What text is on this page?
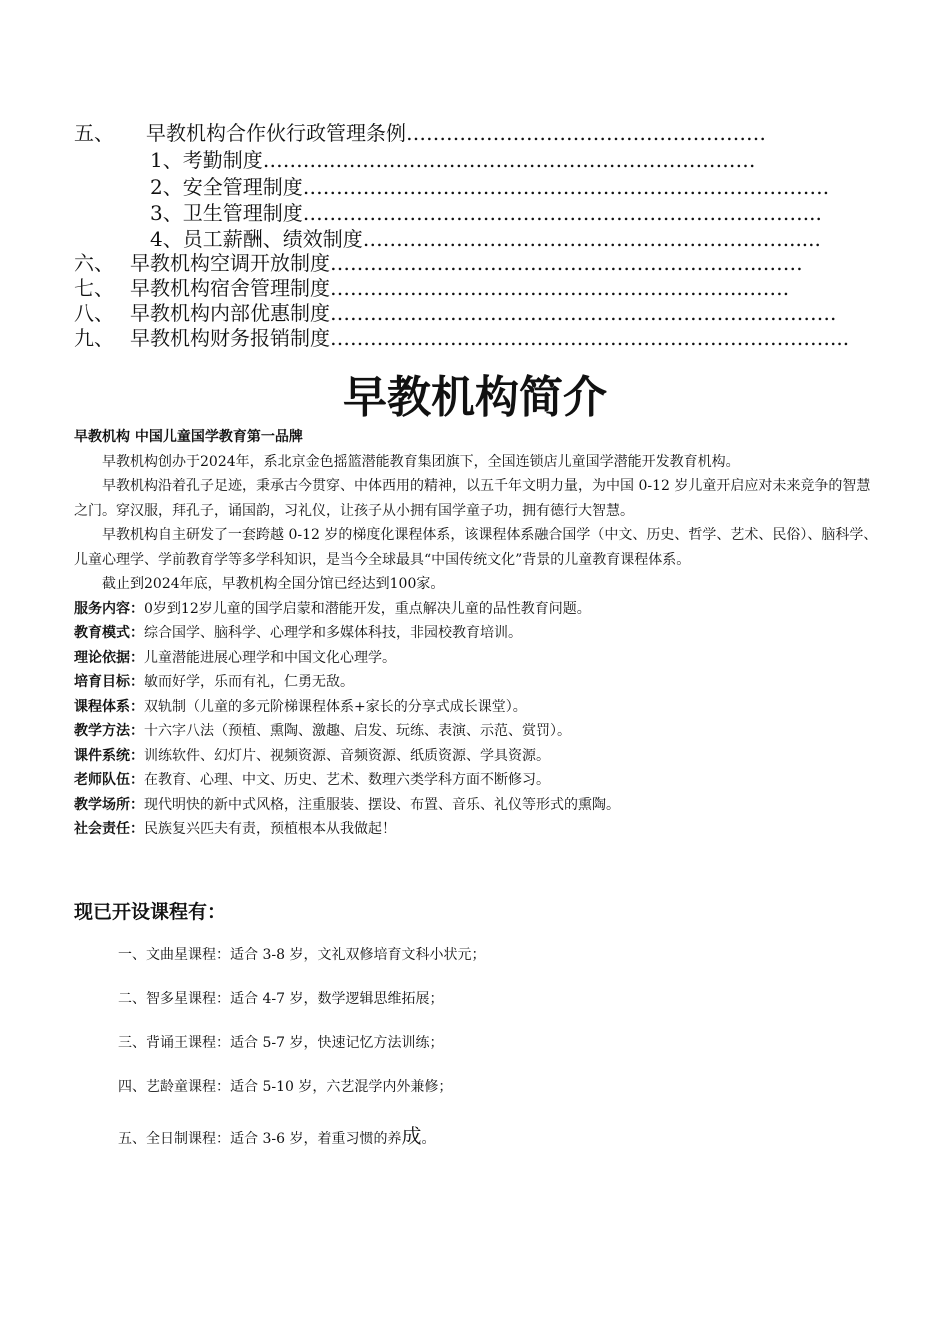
五、 早教机构合作伙行政管理条例………………………………………………
1、考勤制度………..………………………………………………………
2、安全管理制度…………………………………………………………………….
3、卫生管理制度…………………………………………………………………...
4、员工薪酬、绩效制度………………………………………………………......
六、 早教机构空调开放制度………………………………………………………..……
七、 早教机构宿舍管理制度……………………………………………………..…….
八、 早教机构内部优惠制度………………………………………………………………….
九、 早教机构财务报销制度…………………………………………………………………...
早教机构简介

早教机构 中国儿童国学教育第一品牌

早教机构创办于2024年，系北京金色摇篮潜能教育集团旗下，全国连锁店儿童国学潜能开发教育机构。

早教机构沿着孔子足迹，秉承古今贯穿、中体西用的精神，以五千年文明力量，为中国 0-12 岁儿童开启应对未来竞争的智慧之门。穿汉服，拜孔子，诵国韵，习礼仪，让孩子从小拥有国学童子功，拥有德行大智慧。

早教机构自主研发了一套跨越 0-12 岁的梯度化课程体系，该课程体系融合国学（中文、历史、哲学、艺术、民俗）、脑科学、儿童心理学、学前教育学等多学科知识，是当今全球最具“中国传统文化”背景的儿童教育课程体系。

截止到2024年底，早教机构全国分馆已经达到100家。

服务内容：0岁到12岁儿童的国学启蒙和潜能开发，重点解决儿童的品性教育问题。

教育模式：综合国学、脑科学、心理学和多媒体科技，非园校教育培训。

理论依据：儿童潜能进展心理学和中国文化心理学。

培育目标：敏而好学，乐而有礼，仁勇无敌。

课程体系：双轨制（儿童的多元阶梯课程体系+家长的分享式成长课堂）。

教学方法：十六字八法（预植、熏陶、激趣、启发、玩练、表演、示范、赏罚）。

课件系统：训练软件、幻灯片、视频资源、音频资源、纸质资源、学具资源。

老师队伍：在教育、心理、中文、历史、艺术、数理六类学科方面不断修习。

教学场所：现代明快的新中式风格，注重服装、摆设、布置、音乐、礼仪等形式的熏陶。

社会责任：民族复兴匹夫有责，预植根本从我做起！

现已开设课程有：
一、文曲星课程：适合 3-8 岁，文礼双修培育文科小状元；
二、智多星课程：适合 4-7 岁，数学逻辑思维拓展；
三、背诵王课程：适合 5-7 岁，快速记忆方法训练；
四、艺龄童课程：适合 5-10 岁，六艺混学内外兼修；
五、全日制课程：适合 3-6 岁，着重习惯的养成。
